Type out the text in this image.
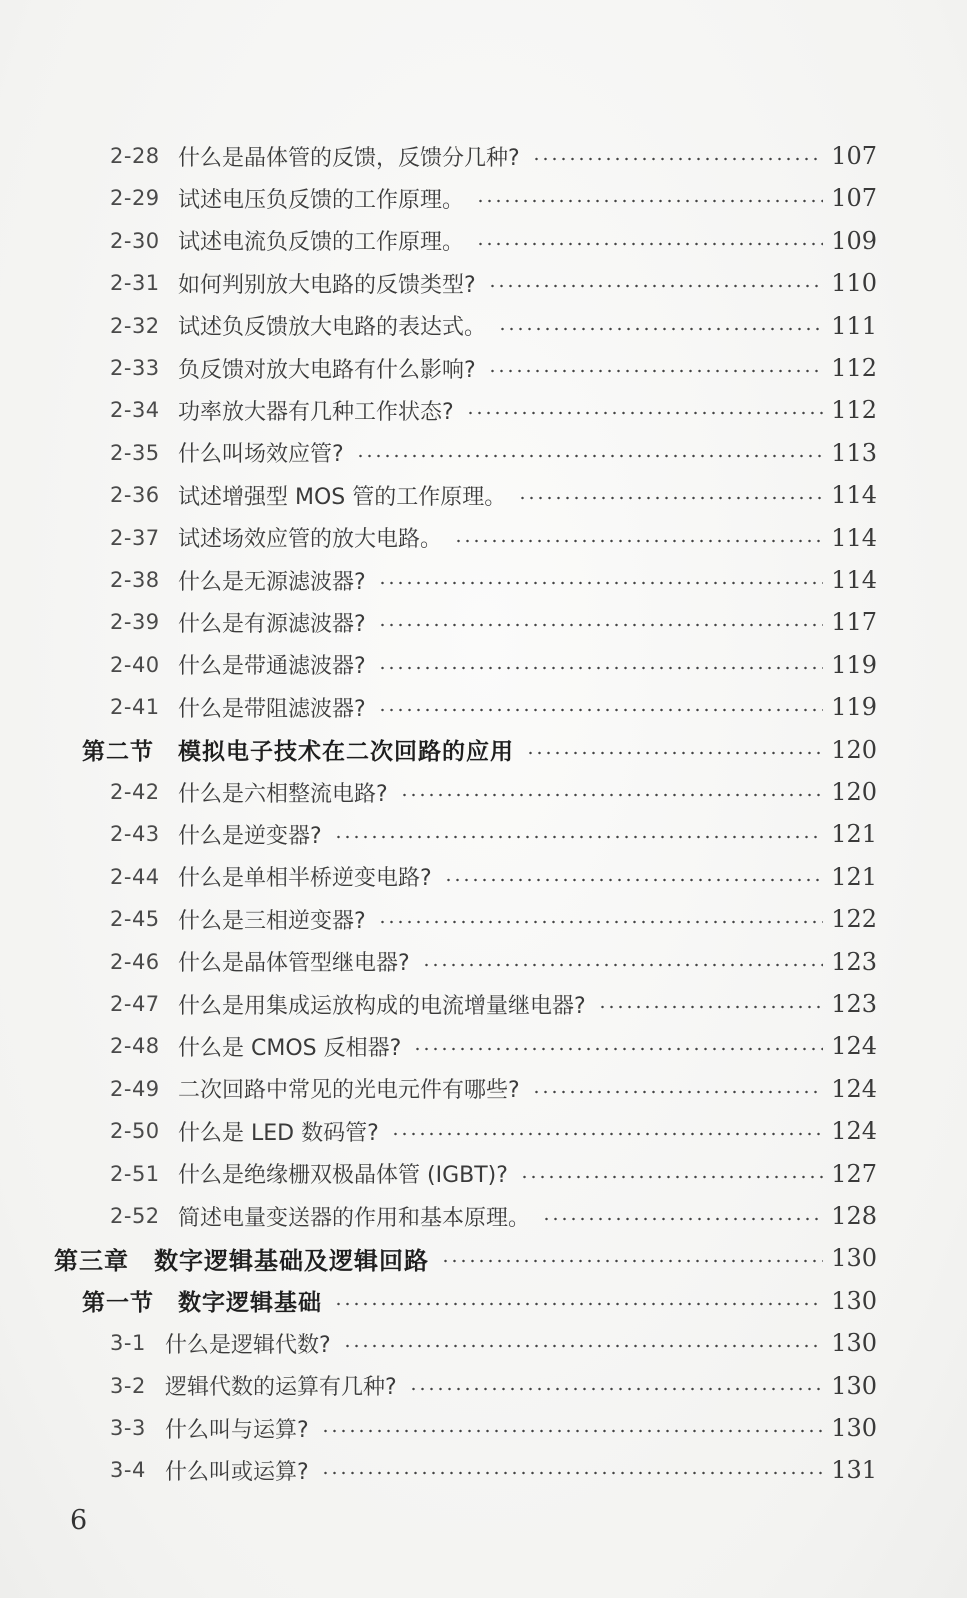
2-28 什么是晶体管的反馈，反馈分几种?	107
2-29 试述电压负反馈的工作原理。	107
2-30 试述电流负反馈的工作原理。	109
2-31 如何判别放大电路的反馈类型?	110
2-32 试述负反馈放大电路的表达式。	111
2-33 负反馈对放大电路有什么影响?	112
2-34 功率放大器有几种工作状态?	112
2-35 什么叫场效应管?	113
2-36 试述增强型 MOS 管的工作原理。	114
2-37 试述场效应管的放大电路。	114
2-38 什么是无源滤波器?	114
2-39 什么是有源滤波器?	117
2-40 什么是带通滤波器?	119
2-41 什么是带阻滤波器?	119
第二节　模拟电子技术在二次回路的应用	120
2-42 什么是六相整流电路?	120
2-43 什么是逆变器?	121
2-44 什么是单相半桥逆变电路?	121
2-45 什么是三相逆变器?	122
2-46 什么是晶体管型继电器?	123
2-47 什么是用集成运放构成的电流增量继电器?	123
2-48 什么是 CMOS 反相器?	124
2-49 二次回路中常见的光电元件有哪些?	124
2-50 什么是 LED 数码管?	124
2-51 什么是绝缘栅双极晶体管 (IGBT)?	127
2-52 简述电量变送器的作用和基本原理。	128
第三章　数字逻辑基础及逻辑回路	130
第一节　数字逻辑基础	130
3-1 什么是逻辑代数?	130
3-2 逻辑代数的运算有几种?	130
3-3 什么叫与运算?	130
3-4 什么叫或运算?	131
6
